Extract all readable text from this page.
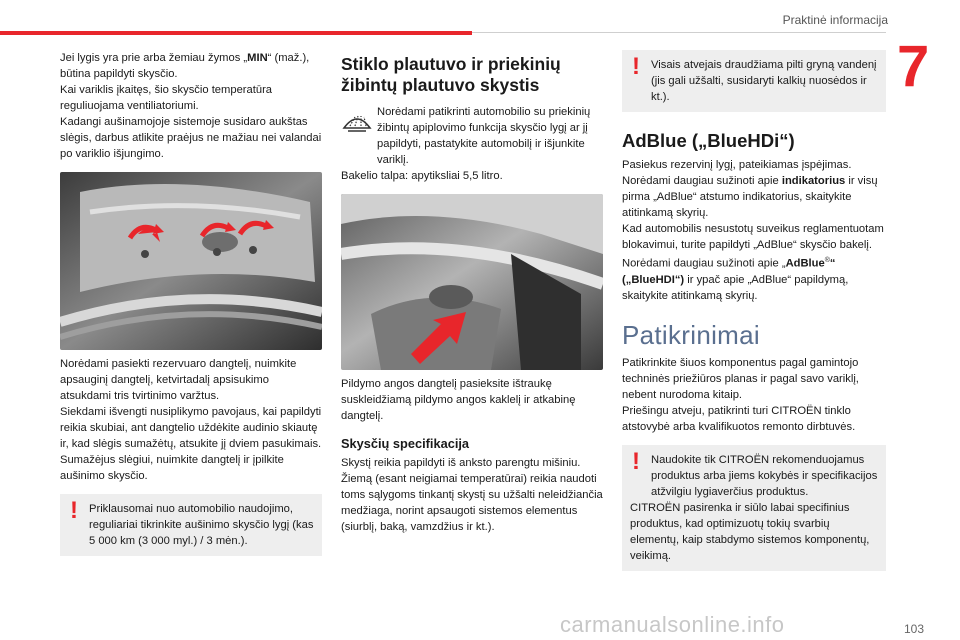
Praktinė informacija
7

Jei lygis yra prie arba žemiau žymos „MIN“ (maž.), būtina papildyti skysčio.

Kai variklis įkaitęs, šio skysčio temperatūra reguliuojama ventiliatoriumi.

Kadangi aušinamojoje sistemoje susidaro aukštas slėgis, darbus atlikite praėjus ne mažiau nei valandai po variklio išjungimo.

Norėdami pasiekti rezervuaro dangtelį, nuimkite apsauginį dangtelį, ketvirtadalį apsisukimo atsukdami tris tvirtinimo varžtus.

Siekdami išvengti nusiplikymo pavojaus, kai papildyti reikia skubiai, ant dangtelio uždėkite audinio skiautę ir, kad slėgis sumažėtų, atsukite jį dviem pasukimais.

Sumažėjus slėgiui, nuimkite dangtelį ir įpilkite aušinimo skysčio.

! Priklausomai nuo automobilio naudojimo, reguliariai tikrinkite aušinimo skysčio lygį (kas 5 000 km (3 000 myl.) / 3 mėn.).
Stiklo plautuvo ir priekinių žibintų plautuvo skystis

Norėdami patikrinti automobilio su priekinių žibintų apiplovimo funkcija skysčio lygį ar jį papildyti, pastatykite automobilį ir išjunkite variklį.

Bakelio talpa: apytiksliai 5,5 litro.

Pildymo angos dangtelį pasieksite ištraukę suskleidžiamą pildymo angos kaklelį ir atkabinę dangtelį.

Skysčių specifikacija

Skystį reikia papildyti iš anksto parengtu mišiniu. Žiemą (esant neigiamai temperatūrai) reikia naudoti toms sąlygoms tinkantį skystį su užšalti neleidžiančia medžiaga, norint apsaugoti sistemos elementus (siurblį, baką, vamzdžius ir kt.).

! Visais atvejais draudžiama pilti gryną vandenį (jis gali užšalti, susidaryti kalkių nuosėdos ir kt.).
AdBlue („BlueHDi“)

Pasiekus rezervinį lygį, pateikiamas įspėjimas.

Norėdami daugiau sužinoti apie indikatorius ir visų pirma „AdBlue“ atstumo indikatorius, skaitykite atitinkamą skyrių.

Kad automobilis nesustotų suveikus reglamentuotam blokavimui, turite papildyti „AdBlue“ skysčio bakelį.

Norėdami daugiau sužinoti apie „AdBlue®“ („BlueHDI“) ir ypač apie „AdBlue“ papildymą, skaitykite atitinkamą skyrių.

Patikrinimai

Patikrinkite šiuos komponentus pagal gamintojo techninės priežiūros planas ir pagal savo variklį, nebent nurodoma kitaip.

Priešingu atveju, patikrinti turi CITROËN tinklo atstovybė arba kvalifikuotos remonto dirbtuvės.

! Naudokite tik CITROËN rekomenduojamus produktus arba jiems kokybės ir specifikacijos atžvilgiu lygiaverčius produktus.
CITROËN pasirenka ir siūlo labai specifinius produktus, kad optimizuotų tokių svarbių elementų, kaip stabdymo sistemos komponentų, veikimą.
carmanualsonline.info	103
